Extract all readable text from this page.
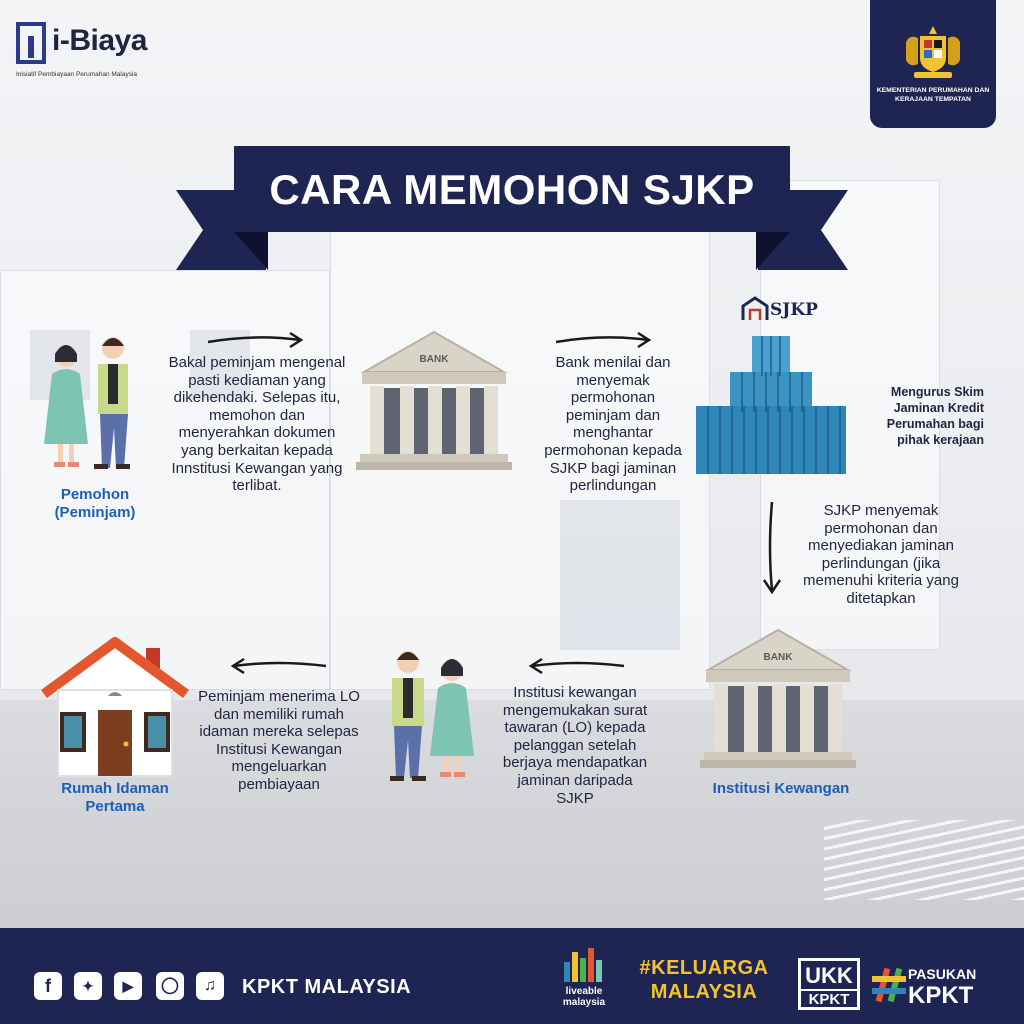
i-Biaya
Inisiatif Pembiayaan Perumahan Malaysia
KEMENTERIAN PERUMAHAN DAN KERAJAAN TEMPATAN
CARA MEMOHON SJKP
Pemohon (Peminjam)
Bakal peminjam mengenal pasti kediaman yang dikehendaki. Selepas itu, memohon dan menyerahkan dokumen yang berkaitan kepada Innstitusi Kewangan yang terlibat.
BANK	Bank menilai dan menyemak permohonan peminjam dan menghantar permohonan kepada SJKP bagi jaminan perlindungan
SJKP
Mengurus Skim Jaminan Kredit Perumahan bagi pihak kerajaan
SJKP menyemak permohonan dan menyediakan jaminan perlindungan (jika memenuhi kriteria yang ditetapkan
BANK
Institusi Kewangan
Institusi kewangan mengemukakan surat tawaran (LO) kepada pelanggan setelah berjaya mendapatkan jaminan daripada SJKP
Peminjam menerima LO dan memiliki rumah idaman mereka selepas Institusi Kewangan mengeluarkan pembiayaan
Rumah Idaman Pertama
f	✦	▶	◯	♫	KPKT MALAYSIA	liveable malaysia
#KELUARGA MALAYSIA
UKK
KPKT
PASUKAN
KPKT
